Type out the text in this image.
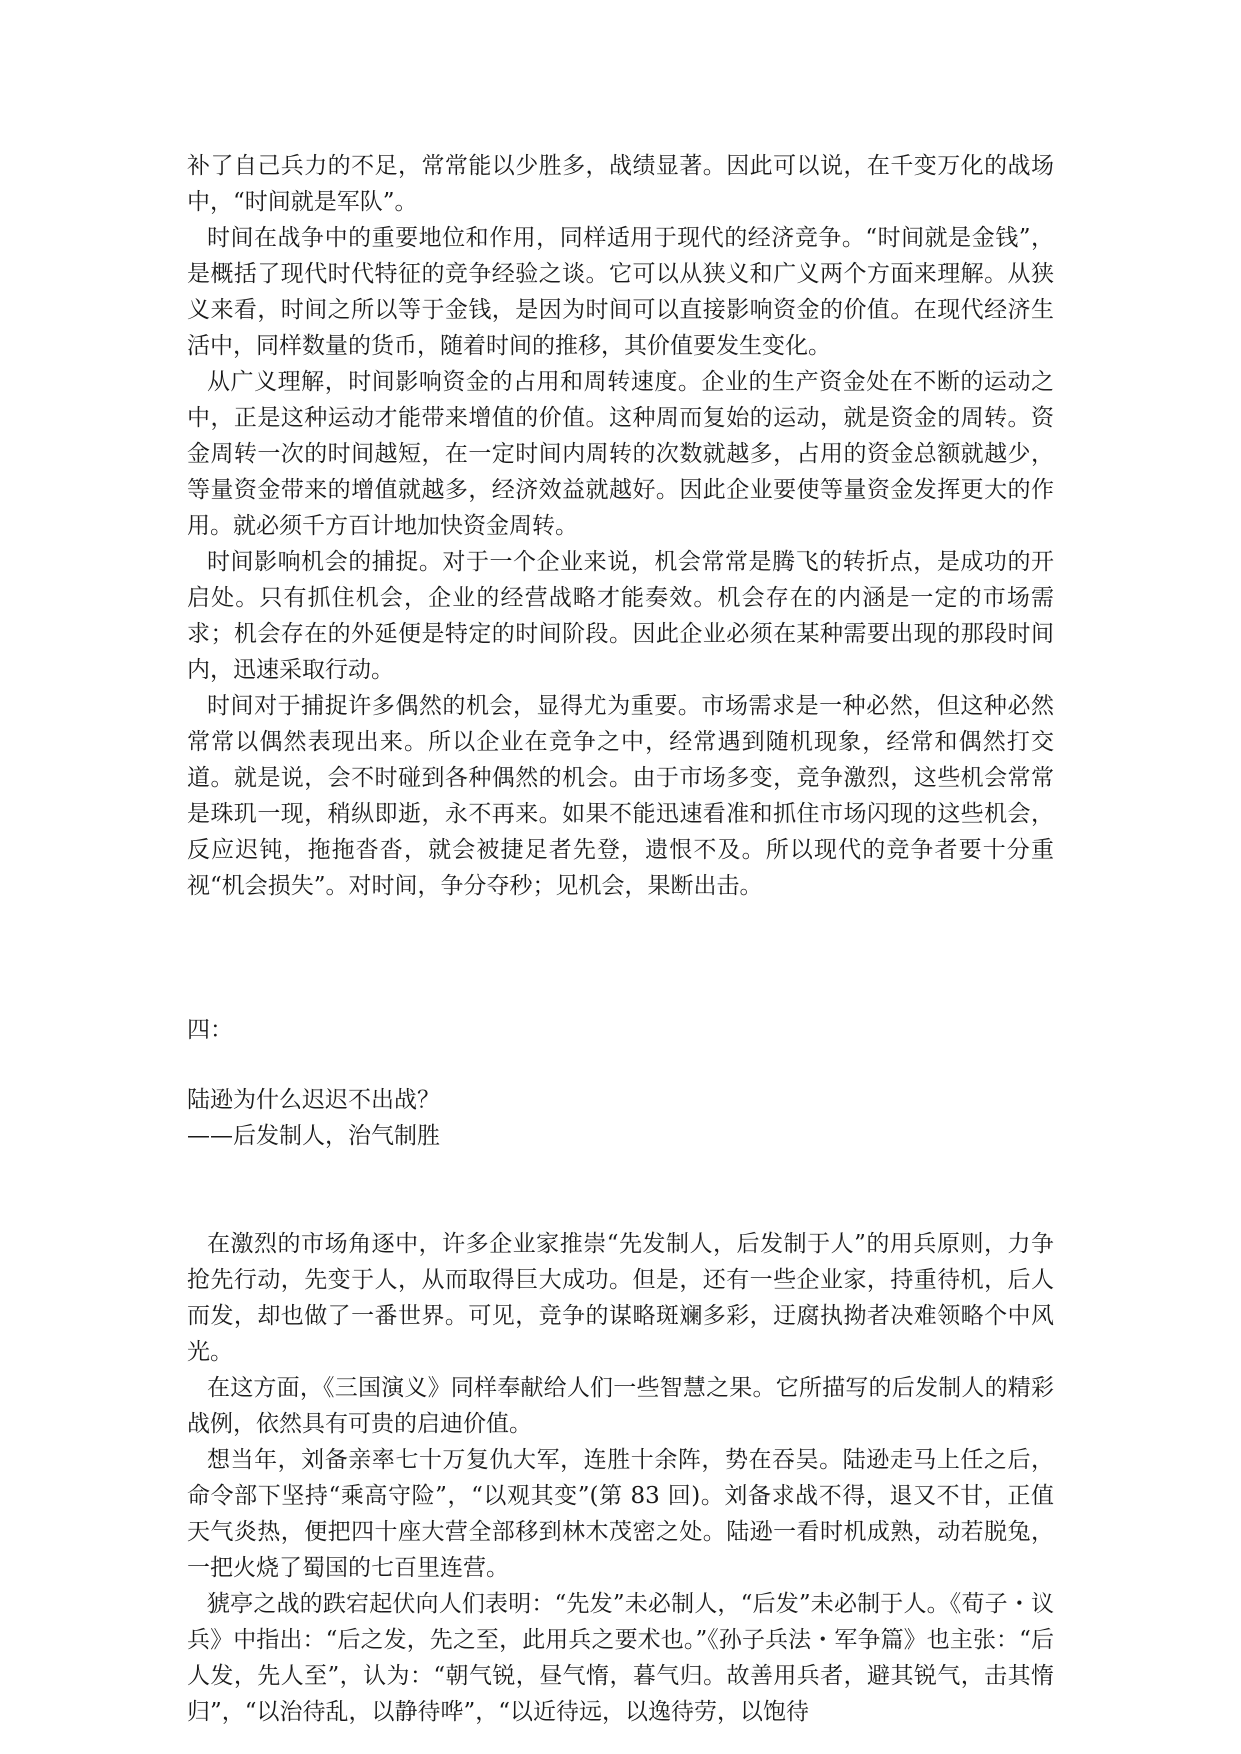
补了自己兵力的不足，常常能以少胜多，战绩显著。因此可以说，在千变万化的战场中，“时间就是军队”。

时间在战争中的重要地位和作用，同样适用于现代的经济竞争。“时间就是金钱”，是概括了现代时代特征的竞争经验之谈。它可以从狭义和广义两个方面来理解。从狭义来看，时间之所以等于金钱，是因为时间可以直接影响资金的价值。在现代经济生活中，同样数量的货币，随着时间的推移，其价值要发生变化。

从广义理解，时间影响资金的占用和周转速度。企业的生产资金处在不断的运动之中，正是这种运动才能带来增值的价值。这种周而复始的运动，就是资金的周转。资金周转一次的时间越短，在一定时间内周转的次数就越多，占用的资金总额就越少，等量资金带来的增值就越多，经济效益就越好。因此企业要使等量资金发挥更大的作用。就必须千方百计地加快资金周转。

时间影响机会的捕捉。对于一个企业来说，机会常常是腾飞的转折点，是成功的开启处。只有抓住机会，企业的经营战略才能奏效。机会存在的内涵是一定的市场需求；机会存在的外延便是特定的时间阶段。因此企业必须在某种需要出现的那段时间内，迅速采取行动。

时间对于捕捉许多偶然的机会，显得尤为重要。市场需求是一种必然，但这种必然常常以偶然表现出来。所以企业在竞争之中，经常遇到随机现象，经常和偶然打交道。就是说，会不时碰到各种偶然的机会。由于市场多变，竞争激烈，这些机会常常是珠玑一现，稍纵即逝，永不再来。如果不能迅速看准和抓住市场闪现的这些机会，反应迟钝，拖拖沓沓，就会被捷足者先登，遗恨不及。所以现代的竞争者要十分重视“机会损失”。对时间，争分夺秒；见机会，果断出击。

四：

陆逊为什么迟迟不出战？

——后发制人，治气制胜

在激烈的市场角逐中，许多企业家推崇“先发制人，后发制于人”的用兵原则，力争抢先行动，先变于人，从而取得巨大成功。但是，还有一些企业家，持重待机，后人而发，却也做了一番世界。可见，竞争的谋略斑斓多彩，迂腐执拗者决难领略个中风光。

在这方面，《三国演义》同样奉献给人们一些智慧之果。它所描写的后发制人的精彩战例，依然具有可贵的启迪价值。

想当年，刘备亲率七十万复仇大军，连胜十余阵，势在吞吴。陆逊走马上任之后，命令部下坚持“乘高守险”，“以观其变”(第 83 回)。刘备求战不得，退又不甘，正值天气炎热，便把四十座大营全部移到林木茂密之处。陆逊一看时机成熟，动若脱兔，一把火烧了蜀国的七百里连营。

猇亭之战的跌宕起伏向人们表明：“先发”未必制人，“后发”未必制于人。《荀子・议兵》中指出：“后之发，先之至，此用兵之要术也。”《孙子兵法・军争篇》也主张：“后人发，先人至”，认为：“朝气锐，昼气惰，暮气归。故善用兵者，避其锐气，击其惰归”，“以治待乱，以静待哗”，“以近待远，以逸待劳，以饱待
